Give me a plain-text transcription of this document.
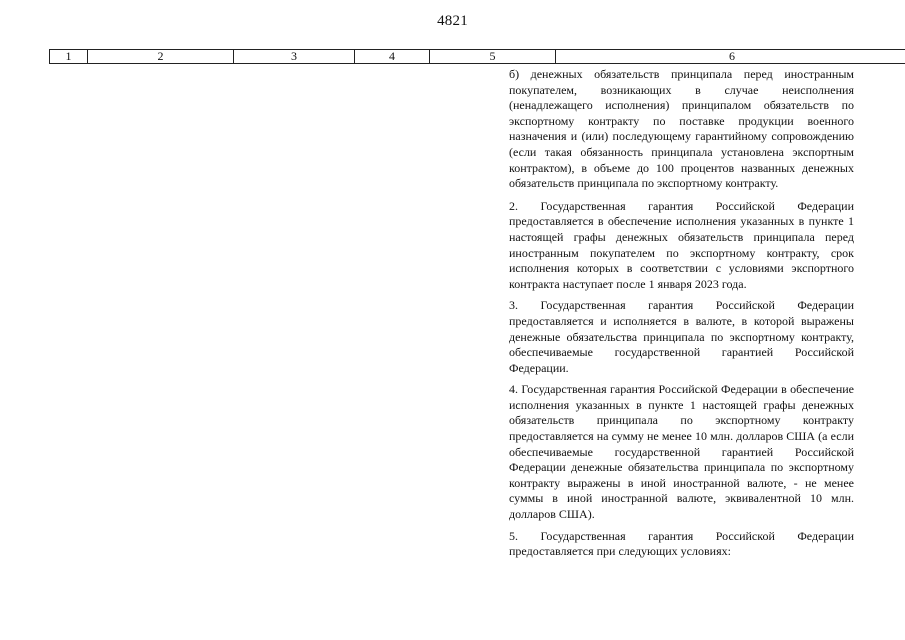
4821
1	2	3	4	5	6

б) денежных обязательств принципала перед иностранным покупателем, возникающих в случае неисполнения (ненадлежащего исполнения) принципалом обязательств по экспортному контракту по поставке продукции военного назначения и (или) последующему гарантийному сопровождению (если такая обязанность принципала установлена экспортным контрактом), в объеме до 100 процентов названных денежных обязательств принципала по экспортному контракту.

2. Государственная гарантия Российской Федерации предоставляется в обеспечение исполнения указанных в пункте 1 настоящей графы денежных обязательств принципала перед иностранным покупателем по экспортному контракту, срок исполнения которых в соответствии с условиями экспортного контракта наступает после 1 января 2023 года.

3. Государственная гарантия Российской Федерации предоставляется и исполняется в валюте, в которой выражены денежные обязательства принципала по экспортному контракту, обеспечиваемые государственной гарантией Российской Федерации.

4. Государственная гарантия Российской Федерации в обеспечение исполнения указанных в пункте 1 настоящей графы денежных обязательств принципала по экспортному контракту предоставляется на сумму не менее 10 млн. долларов США (а если обеспечиваемые государственной гарантией Российской Федерации денежные обязательства принципала по экспортному контракту выражены в иной иностранной валюте, - не менее суммы в иной иностранной валюте, эквивалентной 10 млн. долларов США).

5. Государственная гарантия Российской Федерации предоставляется при следующих условиях:
